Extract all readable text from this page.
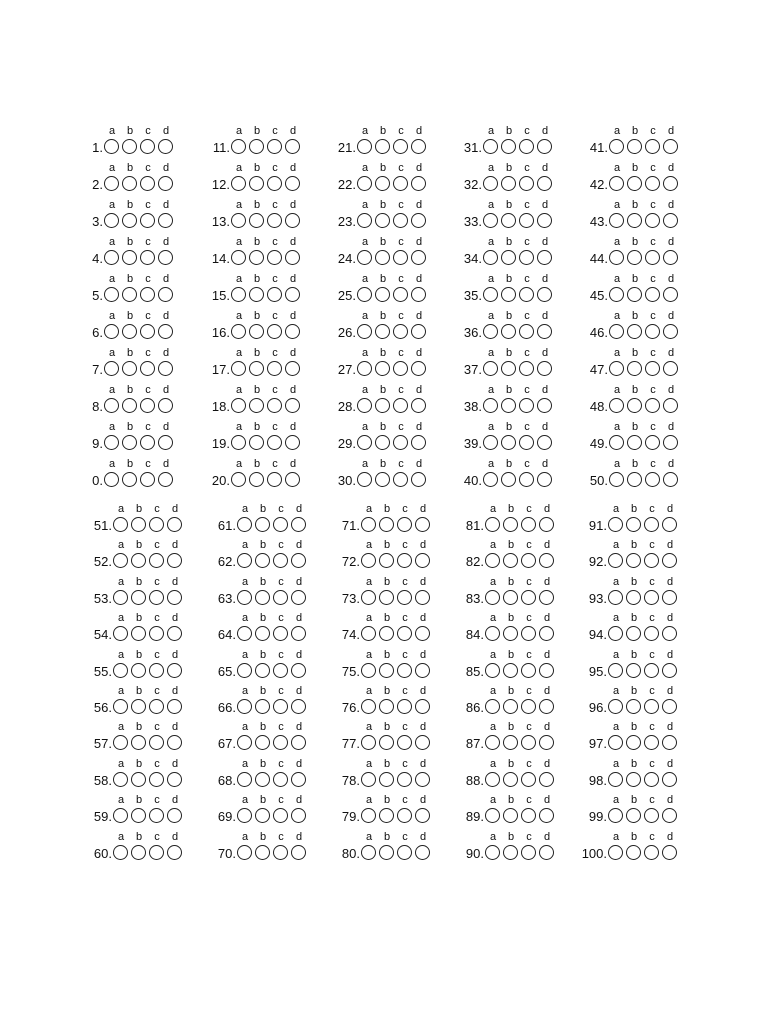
a	b	c	d
1.
a	b	c	d
2.
a	b	c	d
3.
a	b	c	d
4.
a	b	c	d
5.
a	b	c	d
6.
a	b	c	d
7.
a	b	c	d
8.
a	b	c	d
9.
a	b	c	d
0.
a	b	c	d
11.
a	b	c	d
12.
a	b	c	d
13.
a	b	c	d
14.
a	b	c	d
15.
a	b	c	d
16.
a	b	c	d
17.
a	b	c	d
18.
a	b	c	d
19.
a	b	c	d
20.
a	b	c	d
21.
a	b	c	d
22.
a	b	c	d
23.
a	b	c	d
24.
a	b	c	d
25.
a	b	c	d
26.
a	b	c	d
27.
a	b	c	d
28.
a	b	c	d
29.
a	b	c	d
30.
a	b	c	d
31.
a	b	c	d
32.
a	b	c	d
33.
a	b	c	d
34.
a	b	c	d
35.
a	b	c	d
36.
a	b	c	d
37.
a	b	c	d
38.
a	b	c	d
39.
a	b	c	d
40.
a	b	c	d
41.
a	b	c	d
42.
a	b	c	d
43.
a	b	c	d
44.
a	b	c	d
45.
a	b	c	d
46.
a	b	c	d
47.
a	b	c	d
48.
a	b	c	d
49.
a	b	c	d
50.
a	b	c	d
51.
a	b	c	d
52.
a	b	c	d
53.
a	b	c	d
54.
a	b	c	d
55.
a	b	c	d
56.
a	b	c	d
57.
a	b	c	d
58.
a	b	c	d
59.
a	b	c	d
60.
a	b	c	d
61.
a	b	c	d
62.
a	b	c	d
63.
a	b	c	d
64.
a	b	c	d
65.
a	b	c	d
66.
a	b	c	d
67.
a	b	c	d
68.
a	b	c	d
69.
a	b	c	d
70.
a	b	c	d
71.
a	b	c	d
72.
a	b	c	d
73.
a	b	c	d
74.
a	b	c	d
75.
a	b	c	d
76.
a	b	c	d
77.
a	b	c	d
78.
a	b	c	d
79.
a	b	c	d
80.
a	b	c	d
81.
a	b	c	d
82.
a	b	c	d
83.
a	b	c	d
84.
a	b	c	d
85.
a	b	c	d
86.
a	b	c	d
87.
a	b	c	d
88.
a	b	c	d
89.
a	b	c	d
90.
a	b	c	d
91.
a	b	c	d
92.
a	b	c	d
93.
a	b	c	d
94.
a	b	c	d
95.
a	b	c	d
96.
a	b	c	d
97.
a	b	c	d
98.
a	b	c	d
99.
a	b	c	d
100.
